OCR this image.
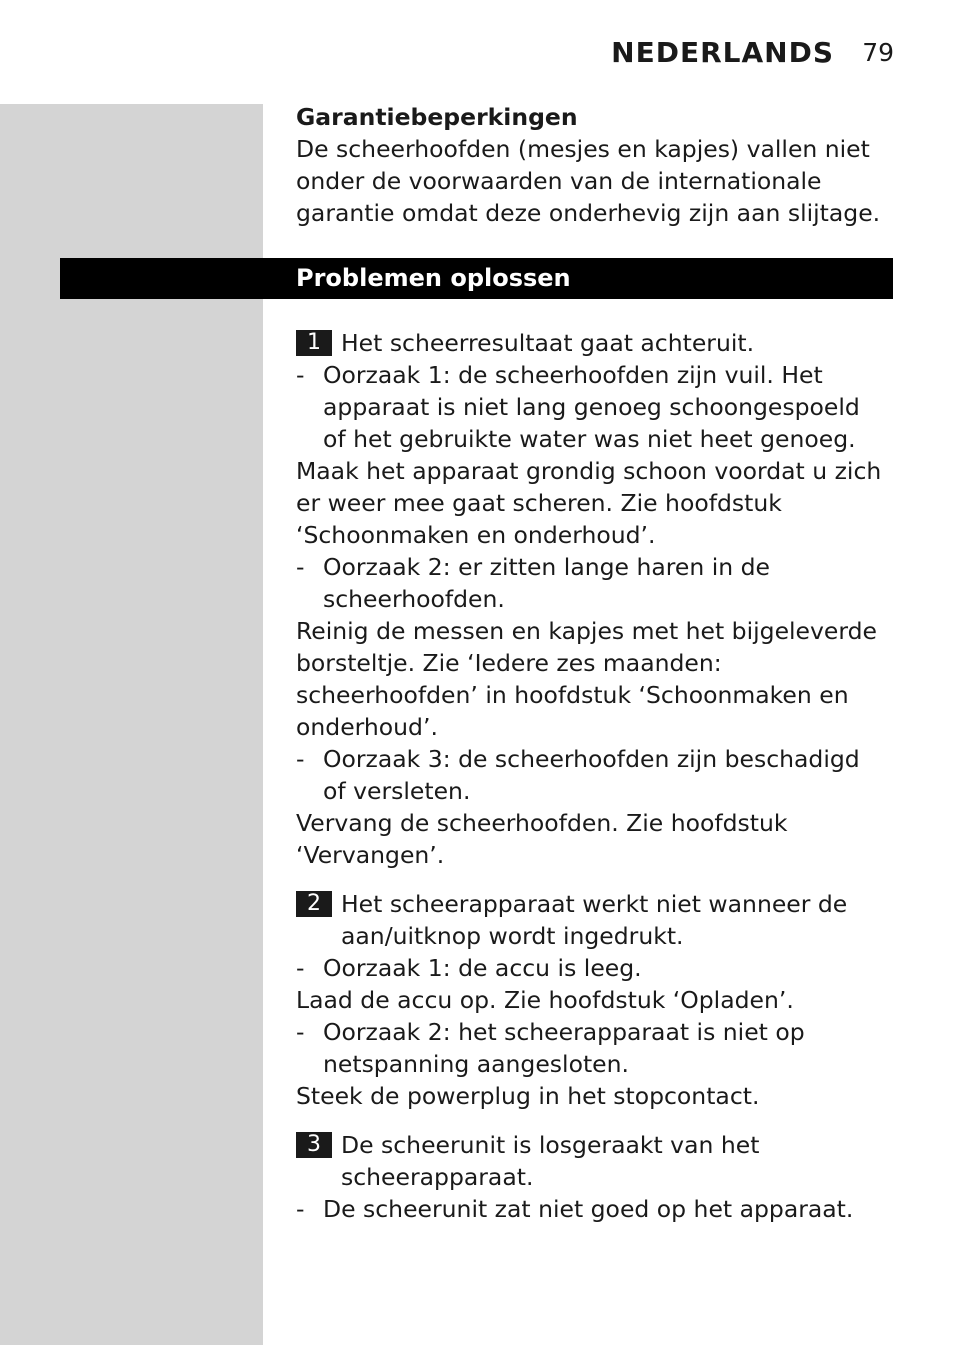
NEDERLANDS 79
Garantiebeperkingen

De scheerhoofden (mesjes en kapjes) vallen niet onder de voorwaarden van de internationale garantie omdat deze onderhevig zijn aan slijtage.

Problemen oplossen
1 Het scheerresultaat gaat achteruit.
- Oorzaak 1: de scheerhoofden zijn vuil. Het apparaat is niet lang genoeg schoongespoeld of het gebruikte water was niet heet genoeg.

Maak het apparaat grondig schoon voordat u zich er weer mee gaat scheren. Zie hoofdstuk ‘Schoonmaken en onderhoud’.

- Oorzaak 2: er zitten lange haren in de scheerhoofden.

Reinig de messen en kapjes met het bijgeleverde borsteltje. Zie ‘Iedere zes maanden: scheerhoofden’ in hoofdstuk ‘Schoonmaken en onderhoud’.

- Oorzaak 3: de scheerhoofden zijn beschadigd of versleten.

Vervang de scheerhoofden. Zie hoofdstuk ‘Vervangen’.

2 Het scheerapparaat werkt niet wanneer de aan/uitknop wordt ingedrukt.
- Oorzaak 1: de accu is leeg.

Laad de accu op. Zie hoofdstuk ‘Opladen’.

- Oorzaak 2: het scheerapparaat is niet op netspanning aangesloten.

Steek de powerplug in het stopcontact.

3 De scheerunit is losgeraakt van het scheerapparaat.
- De scheerunit zat niet goed op het apparaat.
